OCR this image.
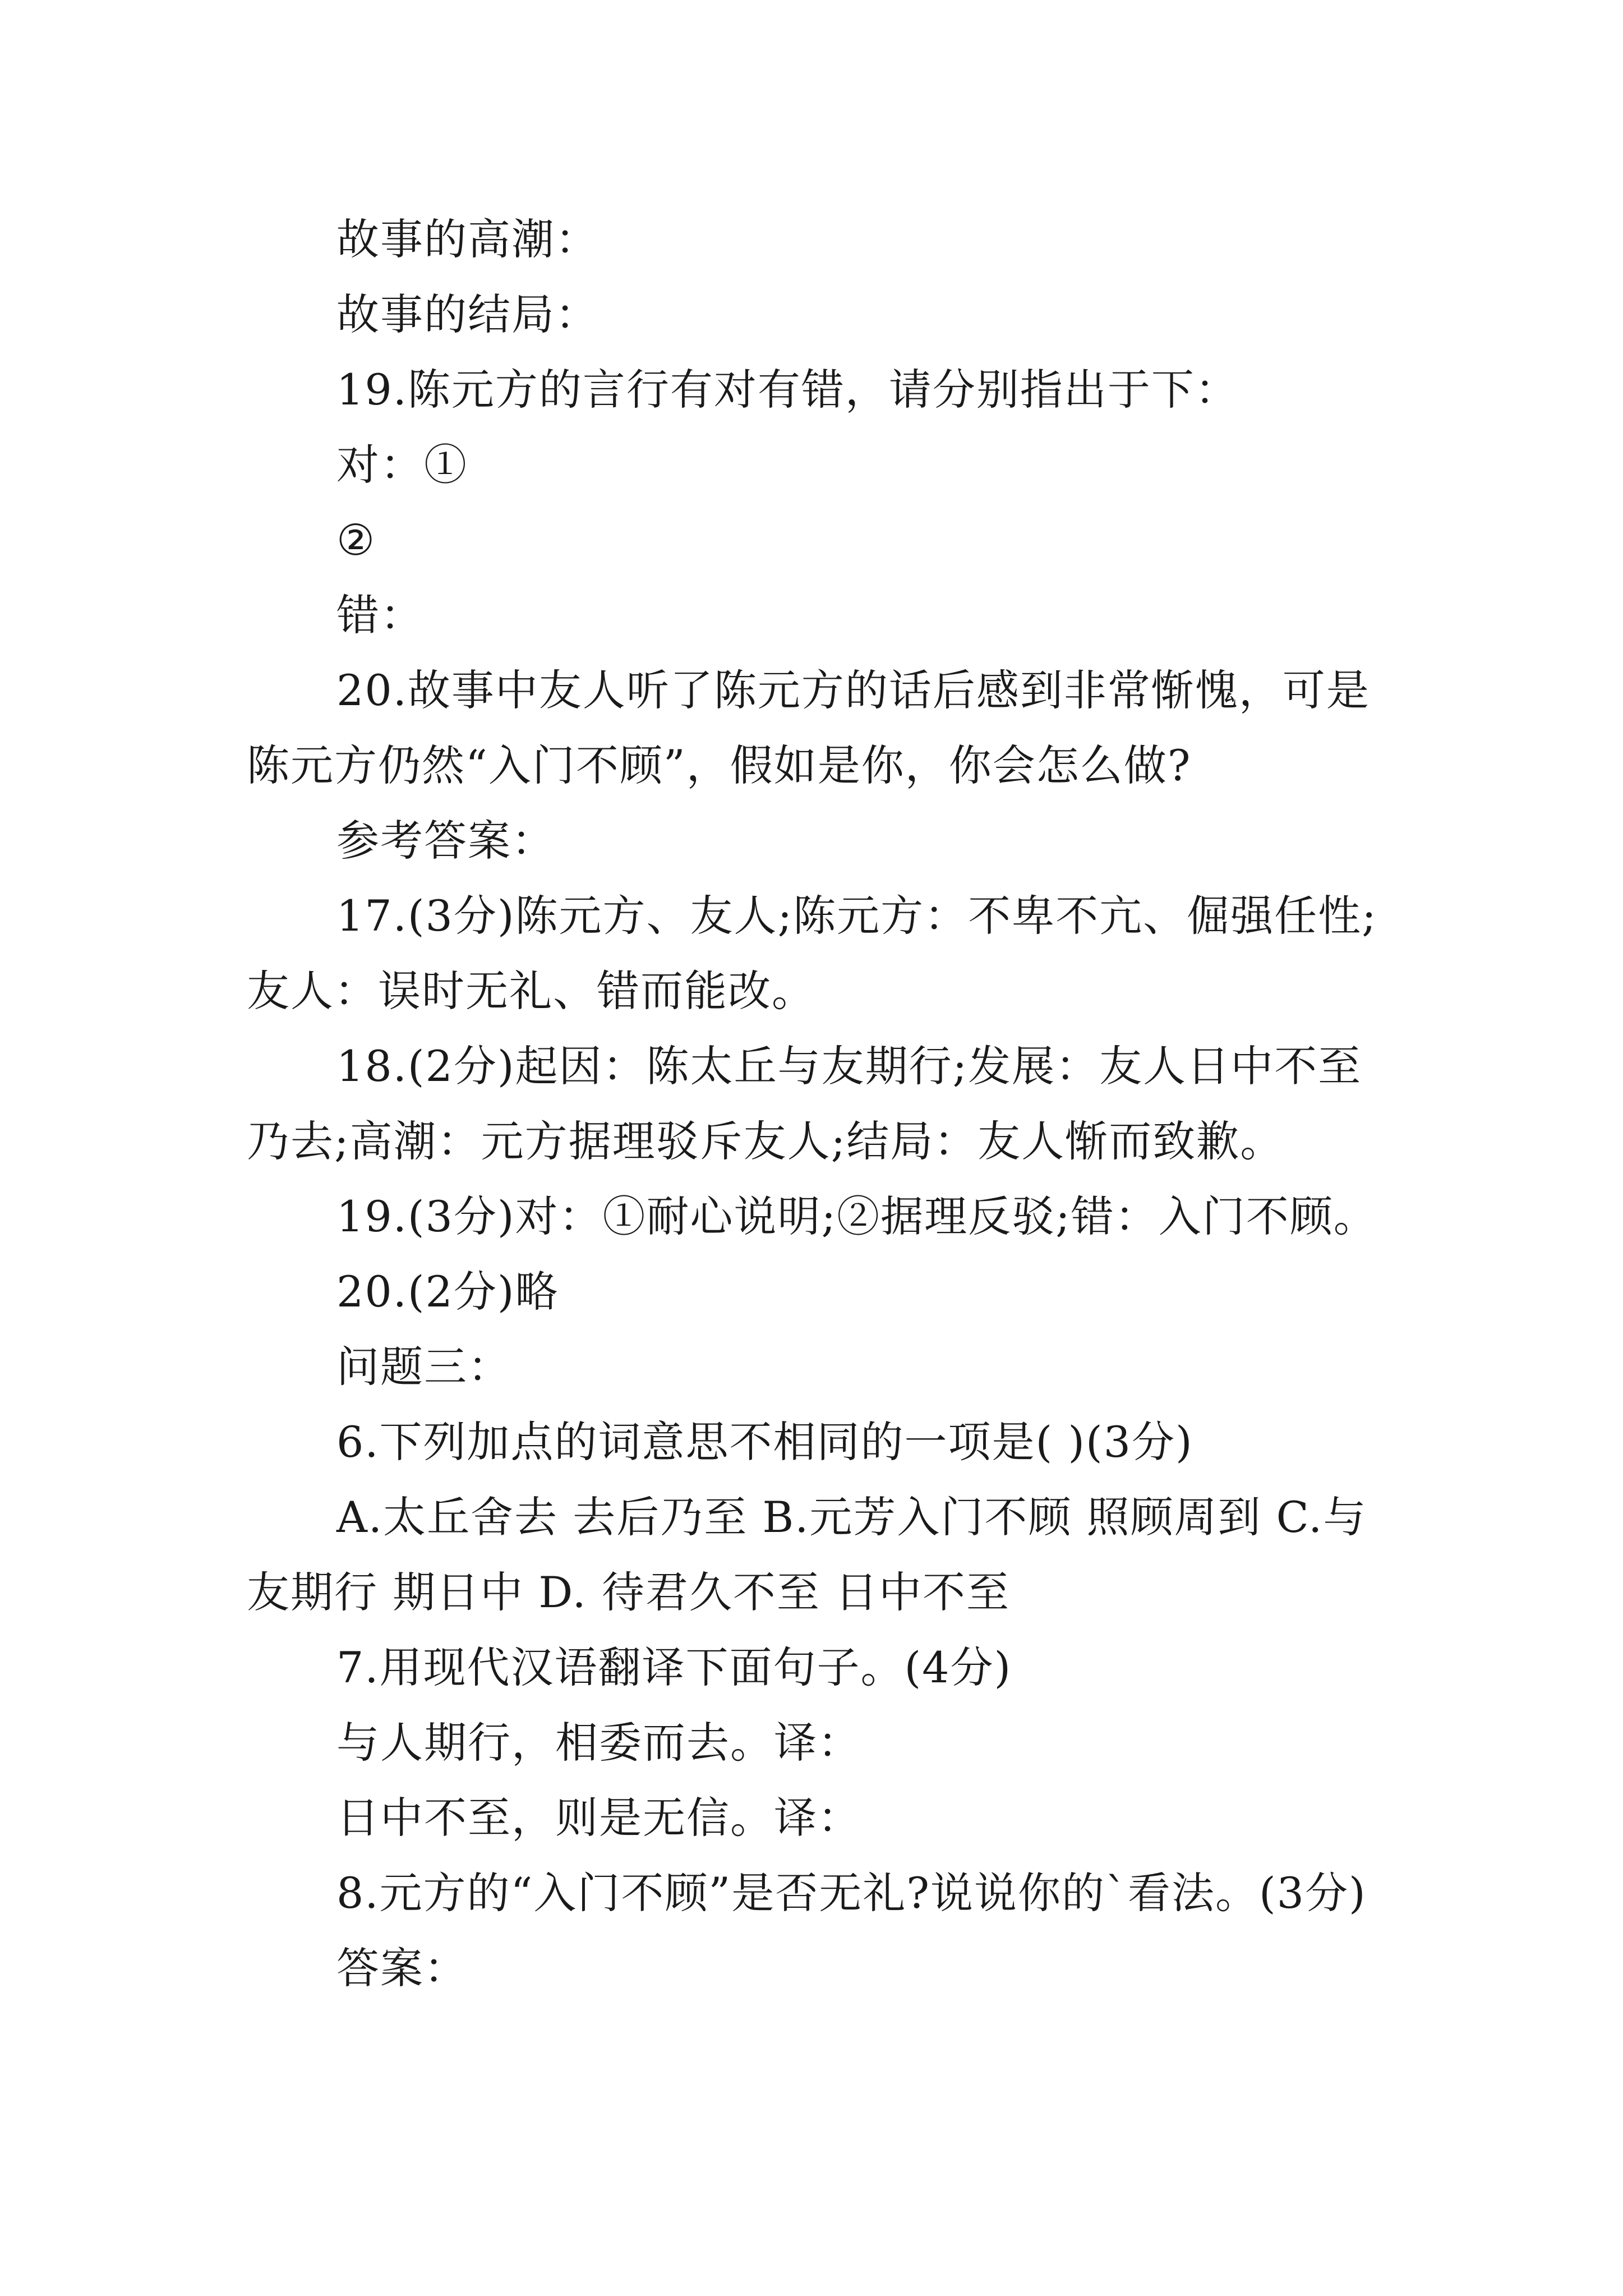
故事的高潮：

故事的结局：

19.陈元方的言行有对有错，请分别指出于下：

对：①

②

错：

20.故事中友人听了陈元方的话后感到非常惭愧，可是陈元方仍然“入门不顾”，假如是你，你会怎么做?

参考答案：

17.(3分)陈元方、友人;陈元方：不卑不亢、倔强任性;友人：误时无礼、错而能改。

18.(2分)起因：陈太丘与友期行;发展：友人日中不至乃去;高潮：元方据理驳斥友人;结局：友人惭而致歉。

19.(3分)对：①耐心说明;②据理反驳;错：入门不顾。

20.(2分)略

问题三：

6.下列加点的词意思不相同的一项是( )(3分)

A.太丘舍去 去后乃至 B.元芳入门不顾 照顾周到 C.与友期行 期日中 D. 待君久不至 日中不至

7.用现代汉语翻译下面句子。(4分)

与人期行，相委而去。译：

日中不至，则是无信。译：

8.元方的“入门不顾”是否无礼?说说你的`看法。(3分)

答案：
